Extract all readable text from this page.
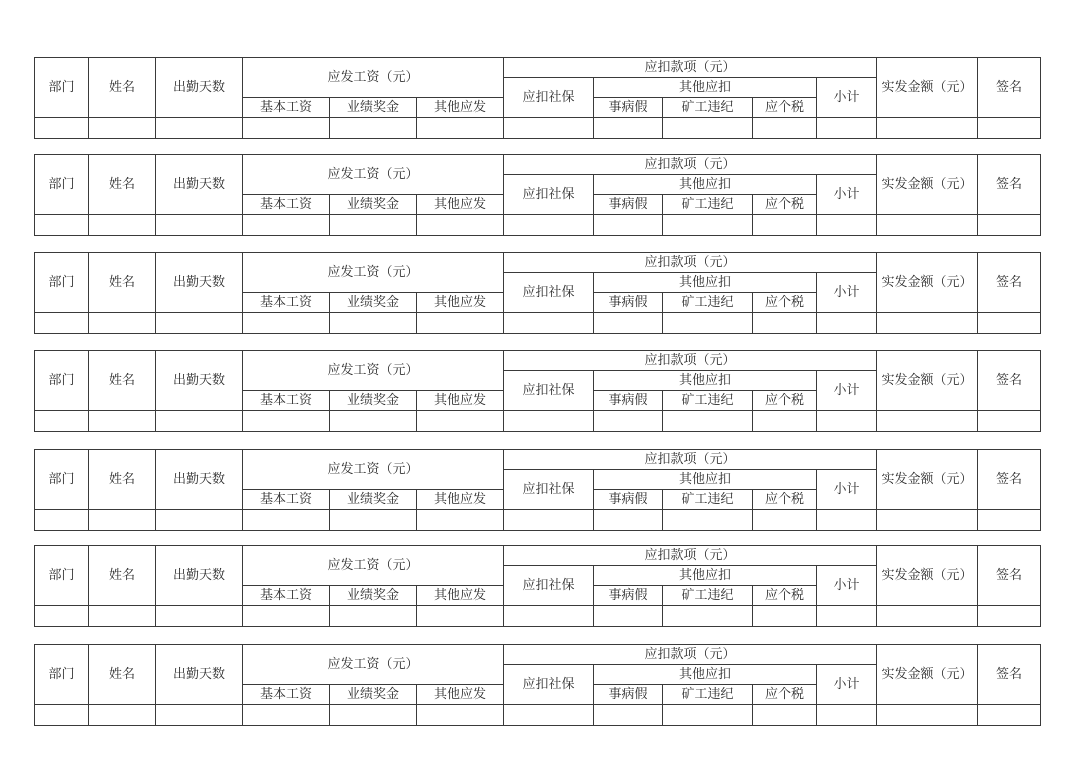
部门	姓名	出勤天数	应发工资（元）			应扣款项（元）					实发金额（元）	签名
						应扣社保	其他应扣			小计		
			基本工资	业绩奖金	其他应发		事病假	矿工违纪	应个税			

部门	姓名	出勤天数	应发工资（元）			应扣款项（元）					实发金额（元）	签名
						应扣社保	其他应扣			小计		
			基本工资	业绩奖金	其他应发		事病假	矿工违纪	应个税			

部门	姓名	出勤天数	应发工资（元）			应扣款项（元）					实发金额（元）	签名
						应扣社保	其他应扣			小计		
			基本工资	业绩奖金	其他应发		事病假	矿工违纪	应个税			

部门	姓名	出勤天数	应发工资（元）			应扣款项（元）					实发金额（元）	签名
						应扣社保	其他应扣			小计		
			基本工资	业绩奖金	其他应发		事病假	矿工违纪	应个税			

部门	姓名	出勤天数	应发工资（元）			应扣款项（元）					实发金额（元）	签名
						应扣社保	其他应扣			小计		
			基本工资	业绩奖金	其他应发		事病假	矿工违纪	应个税			

部门	姓名	出勤天数	应发工资（元）			应扣款项（元）					实发金额（元）	签名
						应扣社保	其他应扣			小计		
			基本工资	业绩奖金	其他应发		事病假	矿工违纪	应个税			

部门	姓名	出勤天数	应发工资（元）			应扣款项（元）					实发金额（元）	签名
						应扣社保	其他应扣			小计		
			基本工资	业绩奖金	其他应发		事病假	矿工违纪	应个税			
